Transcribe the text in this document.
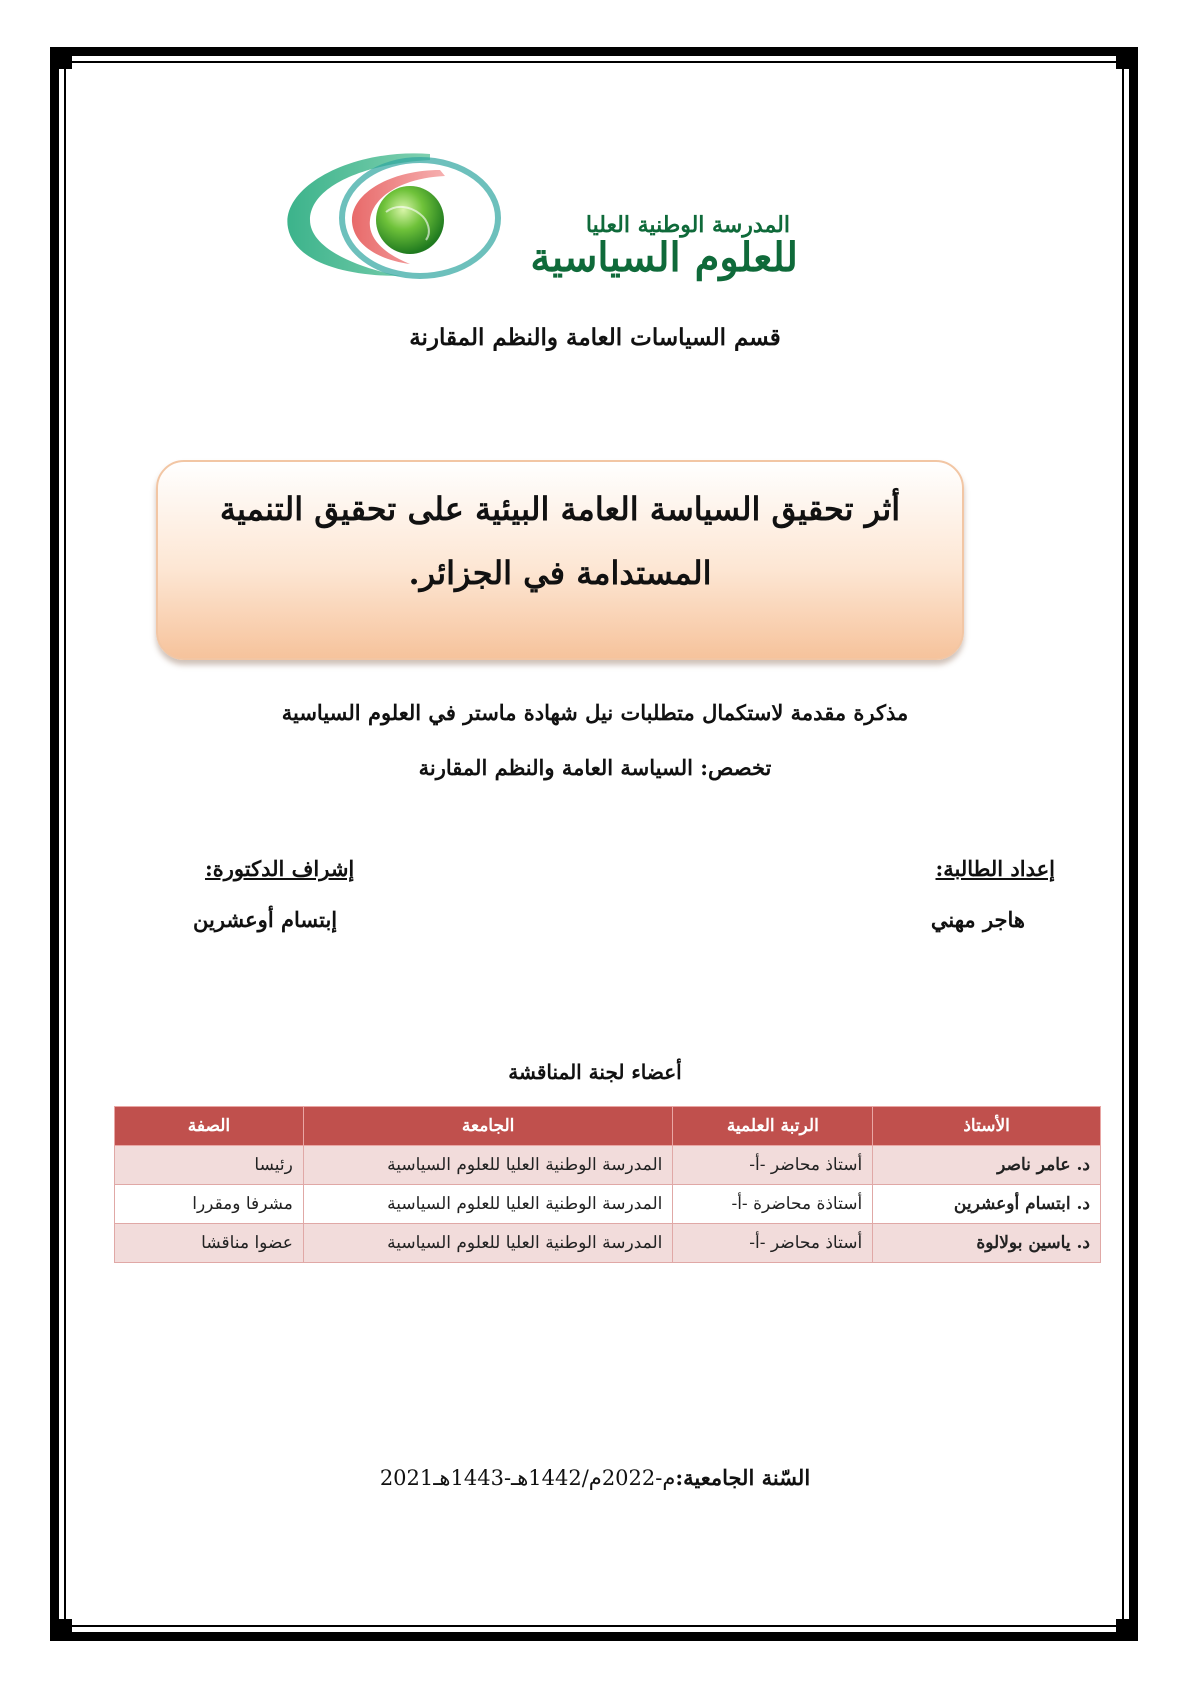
المدرسة الوطنية العليا
للعلوم السياسية
قسم السياسات العامة والنظم المقارنة
أثر تحقيق السياسة العامة البيئية على تحقيق التنمية
المستدامة في الجزائر.
مذكرة مقدمة لاستكمال متطلبات نيل شهادة ماستر في العلوم السياسية
تخصص: السياسة العامة والنظم المقارنة
إعداد الطالبة:
هاجر مهني
إشراف الدكتورة:
إبتسام أوعشرين
أعضاء لجنة المناقشة
الأستاذ	الرتبة العلمية	الجامعة	الصفة
د. عامر ناصر	أستاذ محاضر -أ-	المدرسة الوطنية العليا للعلوم السياسية	رئيسا
د. ابتسام أوعشرين	أستاذة محاضرة -أ-	المدرسة الوطنية العليا للعلوم السياسية	مشرفا ومقررا
د. ياسين بولالوة	أستاذ محاضر -أ-	المدرسة الوطنية العليا للعلوم السياسية	عضوا مناقشا
2021م-2022م/1442هـ-1443هـالسّنة الجامعية:
